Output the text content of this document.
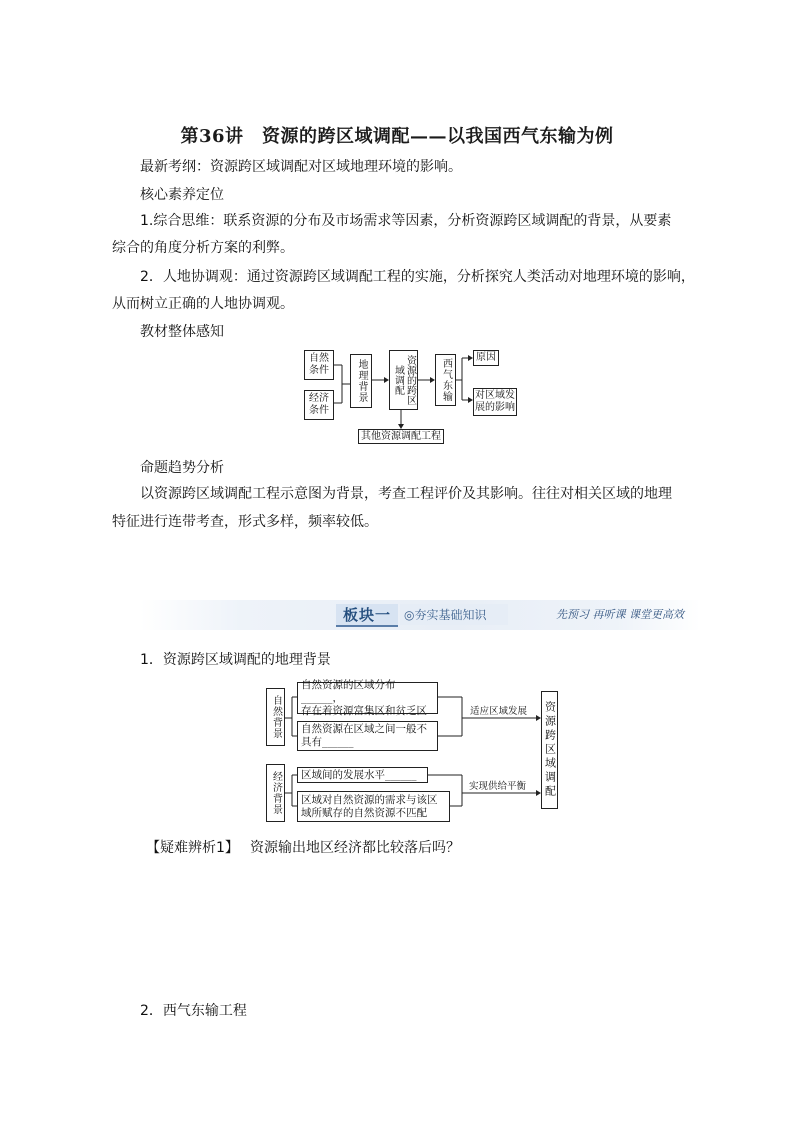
第36讲　资源的跨区域调配——以我国西气东输为例
最新考纲：资源跨区域调配对区域地理环境的影响。
核心素养定位
1.综合思维：联系资源的分布及市场需求等因素，分析资源跨区域调配的背景，从要素
综合的角度分析方案的利弊。
2．人地协调观：通过资源跨区域调配工程的实施，分析探究人类活动对地理环境的影响，
从而树立正确的人地协调观。
教材整体感知
自然条件
经济条件
地理背景	资源的跨区域调配	西气东输
原因
对区域发展的影响
其他资源调配工程
命题趋势分析
以资源跨区域调配工程示意图为背景，考查工程评价及其影响。往往对相关区域的地理
特征进行连带考查，形式多样，频率较低。
板块一	◎夯实基础知识	先预习 再听课 课堂更高效
1．资源跨区域调配的地理背景
自然背景
自然资源的区域分布______，
存在着资源富集区和贫乏区
自然资源在区域之间一般不
具有______
适应区域发展
经济背景 区域间的发展水平______
区域对自然资源的需求与该区
域所赋存的自然资源不匹配
实现供给平衡 资源跨区域调配
【疑难辨析1】 资源输出地区经济都比较落后吗？
2．西气东输工程
